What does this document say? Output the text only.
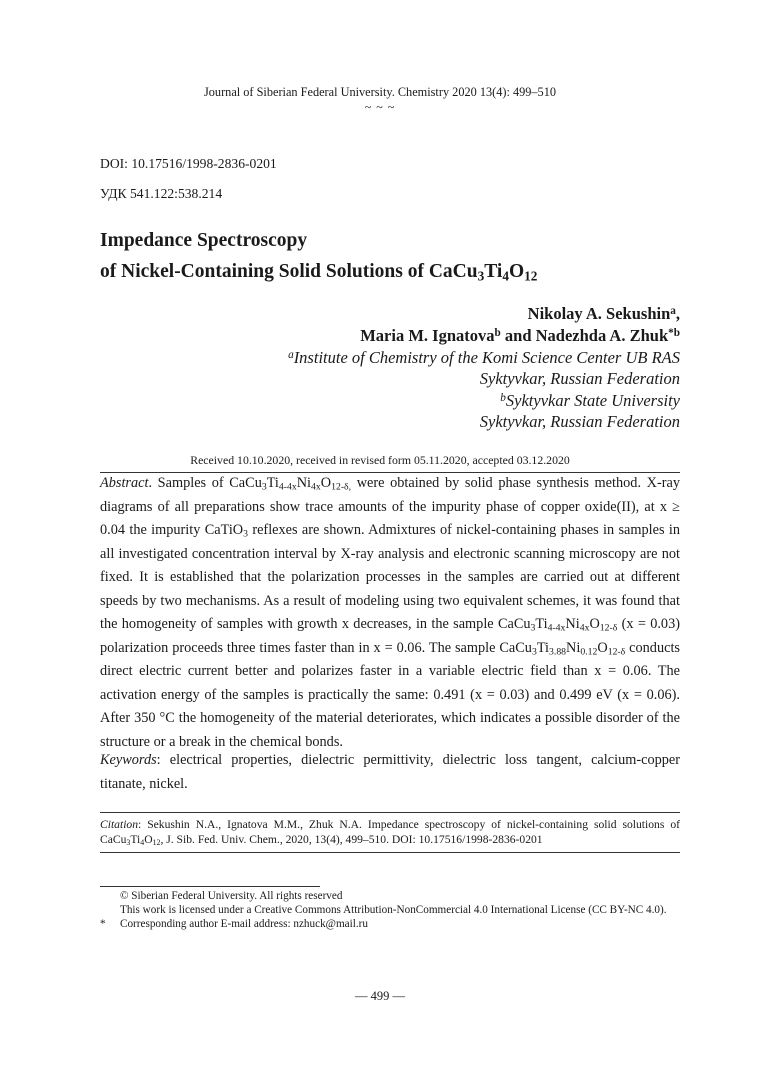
Journal of Siberian Federal University. Chemistry 2020 13(4): 499–510
~ ~ ~
DOI: 10.17516/1998-2836-0201
УДК 541.122:538.214
Impedance Spectroscopy
of Nickel-Containing Solid Solutions of $CaCu_3Ti_4O_{12}$
Nikolay A. Sekushin$^a$,
Maria M. Ignatova$^b$ and Nadezhda A. Zhuk$^{*b}$
$^a$Institute of Chemistry of the Komi Science Center UB RAS
Syktyvkar, Russian Federation
$^b$Syktyvkar State University
Syktyvkar, Russian Federation
Received 10.10.2020, received in revised form 05.11.2020, accepted 03.12.2020
Abstract. Samples of $CaCu_3Ti_{4-4x}Ni_{4x}O_{12-\delta,}$ were obtained by solid phase synthesis method. X-ray diagrams of all preparations show trace amounts of the impurity phase of copper oxide(II), at x ≥ 0.04 the impurity CaTiO$_3$ reflexes are shown. Admixtures of nickel-containing phases in samples in all investigated concentration interval by X-ray analysis and electronic scanning microscopy are not fixed. It is established that the polarization processes in the samples are carried out at different speeds by two mechanisms. As a result of modeling using two equivalent schemes, it was found that the homogeneity of samples with growth x decreases, in the sample $CaCu_3Ti_{4-4x}Ni_{4x}O_{12-\delta}$ (x = 0.03) polarization proceeds three times faster than in x = 0.06. The sample $CaCu_3Ti_{3.88}Ni_{0.12}O_{12-\delta}$ conducts direct electric current better and polarizes faster in a variable electric field than x = 0.06. The activation energy of the samples is practically the same: 0.491 (x = 0.03) and 0.499 eV (x = 0.06). After 350 °C the homogeneity of the material deteriorates, which indicates a possible disorder of the structure or a break in the chemical bonds.
Keywords: electrical properties, dielectric permittivity, dielectric loss tangent, calcium-copper titanate, nickel.
Citation: Sekushin N.A., Ignatova M.M., Zhuk N.A. Impedance spectroscopy of nickel-containing solid solutions of $CaCu_3Ti_4O_{12}$, J. Sib. Fed. Univ. Chem., 2020, 13(4), 499–510. DOI: 10.17516/1998-2836-0201
© Siberian Federal University. All rights reserved
This work is licensed under a Creative Commons Attribution-NonCommercial 4.0 International License (CC BY-NC 4.0).
*	Corresponding author E-mail address: nzhuck@mail.ru
— 499 —
